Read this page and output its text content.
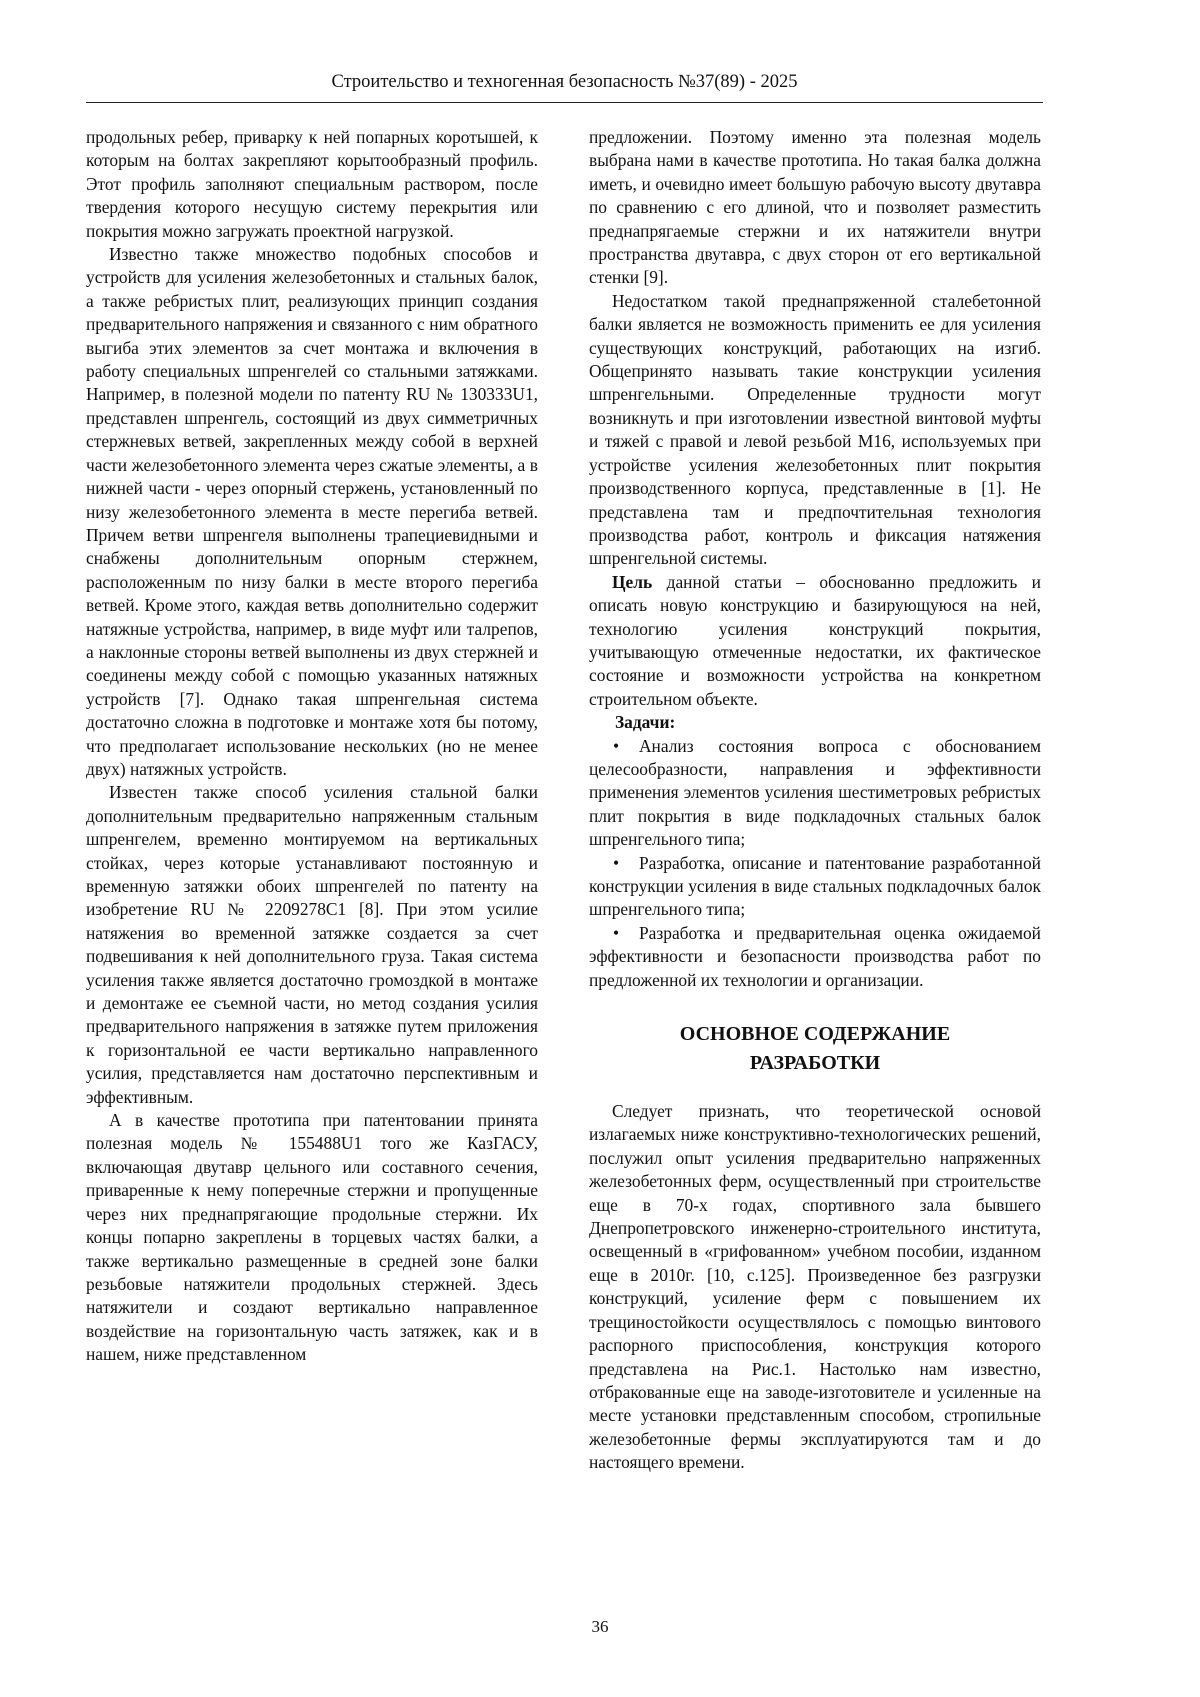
Строительство и техногенная безопасность №37(89) - 2025

продольных ребер, приварку к ней попарных коротышей, к которым на болтах закрепляют корытообразный профиль. Этот профиль заполняют специальным раствором, после твердения которого несущую систему перекрытия или покрытия можно загружать проектной нагрузкой.

Известно также множество подобных способов и устройств для усиления железобетонных и стальных балок, а также ребристых плит, реализующих принцип создания предварительного напряжения и связанного с ним обратного выгиба этих элементов за счет монтажа и включения в работу специальных шпренгелей со стальными затяжками. Например, в полезной модели по патенту RU № 130333U1, представлен шпренгель, состоящий из двух симметричных стержневых ветвей, закрепленных между собой в верхней части железобетонного элемента через сжатые элементы, а в нижней части - через опорный стержень, установленный по низу железобетонного элемента в месте перегиба ветвей. Причем ветви шпренгеля выполнены трапециевидными и снабжены дополнительным опорным стержнем, расположенным по низу балки в месте второго перегиба ветвей. Кроме этого, каждая ветвь дополнительно содержит натяжные устройства, например, в виде муфт или талрепов, а наклонные стороны ветвей выполнены из двух стержней и соединены между собой с помощью указанных натяжных устройств [7]. Однако такая шпренгельная система достаточно сложна в подготовке и монтаже хотя бы потому, что предполагает использование нескольких (но не менее двух) натяжных устройств.

Известен также способ усиления стальной балки дополнительным предварительно напряженным стальным шпренгелем, временно монтируемом на вертикальных стойках, через которые устанавливают постоянную и временную затяжки обоих шпренгелей по патенту на изобретение RU № 2209278C1 [8]. При этом усилие натяжения во временной затяжке создается за счет подвешивания к ней дополнительного груза. Такая система усиления также является достаточно громоздкой в монтаже и демонтаже ее съемной части, но метод создания усилия предварительного напряжения в затяжке путем приложения к горизонтальной ее части вертикально направленного усилия, представляется нам достаточно перспективным и эффективным.

А в качестве прототипа при патентовании принята полезная модель № 155488U1 того же КазГАСУ, включающая двутавр цельного или составного сечения, приваренные к нему поперечные стержни и пропущенные через них преднапрягающие продольные стержни. Их концы попарно закреплены в торцевых частях балки, а также вертикально размещенные в средней зоне балки резьбовые натяжители продольных стержней. Здесь натяжители и создают вертикально направленное воздействие на горизонтальную часть затяжек, как и в нашем, ниже представленном

предложении. Поэтому именно эта полезная модель выбрана нами в качестве прототипа. Но такая балка должна иметь, и очевидно имеет большую рабочую высоту двутавра по сравнению с его длиной, что и позволяет разместить преднапрягаемые стержни и их натяжители внутри пространства двутавра, с двух сторон от его вертикальной стенки [9].

Недостатком такой преднапряженной сталебетонной балки является не возможность применить ее для усиления существующих конструкций, работающих на изгиб. Общепринято называть такие конструкции усиления шпренгельными. Определенные трудности могут возникнуть и при изготовлении известной винтовой муфты и тяжей с правой и левой резьбой М16, используемых при устройстве усиления железобетонных плит покрытия производственного корпуса, представленные в [1]. Не представлена там и предпочтительная технология производства работ, контроль и фиксация натяжения шпренгельной системы.

Цель данной статьи – обоснованно предложить и описать новую конструкцию и базирующуюся на ней, технологию усиления конструкций покрытия, учитывающую отмеченные недостатки, их фактическое состояние и возможности устройства на конкретном строительном объекте.

Задачи:

• Анализ состояния вопроса с обоснованием целесообразности, направления и эффективности применения элементов усиления шестиметровых ребристых плит покрытия в виде подкладочных стальных балок шпренгельного типа;

• Разработка, описание и патентование разработанной конструкции усиления в виде стальных подкладочных балок шпренгельного типа;

• Разработка и предварительная оценка ожидаемой эффективности и безопасности производства работ по предложенной их технологии и организации.

ОСНОВНОЕ СОДЕРЖАНИЕ
РАЗРАБОТКИ

Следует признать, что теоретической основой излагаемых ниже конструктивно-технологических решений, послужил опыт усиления предварительно напряженных железобетонных ферм, осуществленный при строительстве еще в 70-х годах, спортивного зала бывшего Днепропетровского инженерно-строительного института, освещенный в «грифованном» учебном пособии, изданном еще в 2010г. [10, с.125]. Произведенное без разгрузки конструкций, усиление ферм с повышением их трещиностойкости осуществлялось с помощью винтового распорного приспособления, конструкция которого представлена на Рис.1. Настолько нам известно, отбракованные еще на заводе-изготовителе и усиленные на месте установки представленным способом, стропильные железобетонные фермы эксплуатируются там и до настоящего времени.

36
